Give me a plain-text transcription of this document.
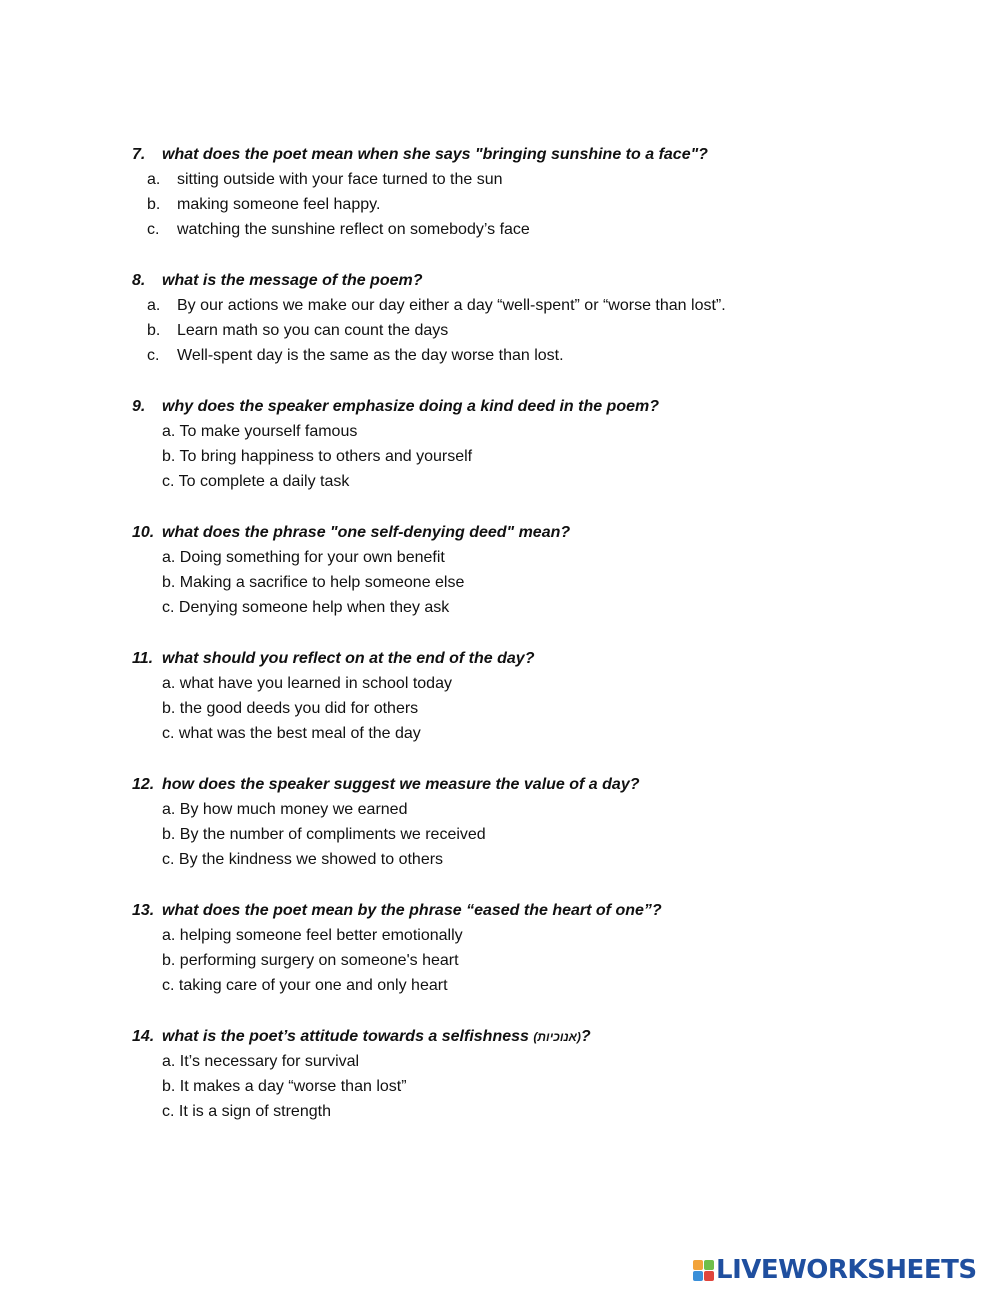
7.	what does the poet mean when she says "bringing sunshine to a face"?
a.	sitting outside with your face turned to the sun
b.	making someone feel happy.
c.	watching the sunshine reflect on somebody’s face
8.	what is the message of the poem?
a.	By our actions we make our day either a day “well-spent” or “worse than lost”.
b.	Learn math so you can count the days
c.	Well-spent day is the same as the day worse than lost.
9.	why does the speaker emphasize doing a kind deed in the poem?
a. To make yourself famous
b. To bring happiness to others and yourself
c. To complete a daily task
10. what does the phrase "one self-denying deed" mean?
a. Doing something for your own benefit
b. Making a sacrifice to help someone else
c. Denying someone help when they ask
11. what should you reflect on at the end of the day?
a. what have you learned in school today
b. the good deeds you did for others
c. what was the best meal of the day
12. how does the speaker suggest we measure the value of a day?
a. By how much money we earned
b. By the number of compliments we received
c. By the kindness we showed to others
13. what does the poet mean by the phrase “eased the heart of one”?
a. helping someone feel better emotionally
b. performing surgery on someone's heart
c. taking care of your one and only heart
14. what is the poet’s attitude towards a selfishness (אנוכיות) ?
a. It’s necessary for survival
b. It makes a day “worse than lost”
c. It is a sign of strength
LIVEWORKSHEETS
